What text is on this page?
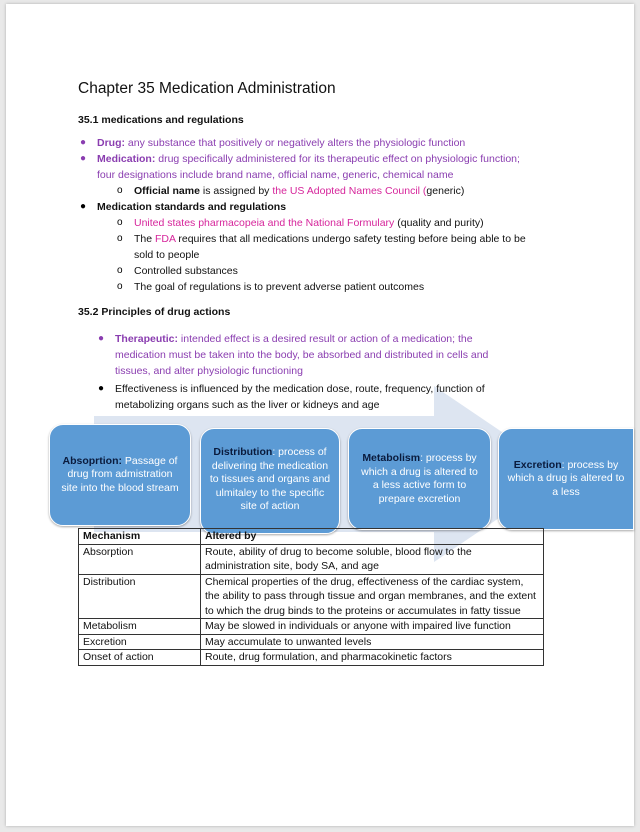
Chapter 35 Medication Administration
35.1 medications and regulations
● Drug: any substance that positively or negatively alters the physiologic function
● Medication: drug specifically administered for its therapeutic effect on physiologic function;
four designations include brand name, official name, generic, chemical name
o Official name is assigned by the US Adopted Names Council (generic)
● Medication standards and regulations
o United states pharmacopeia and the National Formulary (quality and purity)
o The FDA requires that all medications undergo safety testing before being able to be
sold to people
o Controlled substances
o The goal of regulations is to prevent adverse patient outcomes
35.2 Principles of drug actions
● Therapeutic: intended effect is a desired result or action of a medication; the
medication must be taken into the body, be absorbed and distributed in cells and
tissues, and alter physiologic functioning
● Effectiveness is influenced by the medication dose, route, frequency, function of
metabolizing organs such as the liver or kidneys and age
Absoprtion: Passage of drug from admistration site into the blood stream
Distribution: process of delivering the medication to tissues and organs and ulmitaley to the specific site of action
Metabolism: process by which a drug is altered to a less active form to prepare excretion
Excretion: process by which a drug is altered to a less
Mechanism	Altered by
Absorption	Route, ability of drug to become soluble, blood flow to the administration site, body SA, and age
Distribution	Chemical properties of the drug, effectiveness of the cardiac system, the ability to pass through tissue and organ membranes, and the extent to which the drug binds to the proteins or accumulates in fatty tissue
Metabolism	May be slowed in individuals or anyone with impaired live function
Excretion	May accumulate to unwanted levels
Onset of action	Route, drug formulation, and pharmacokinetic factors
